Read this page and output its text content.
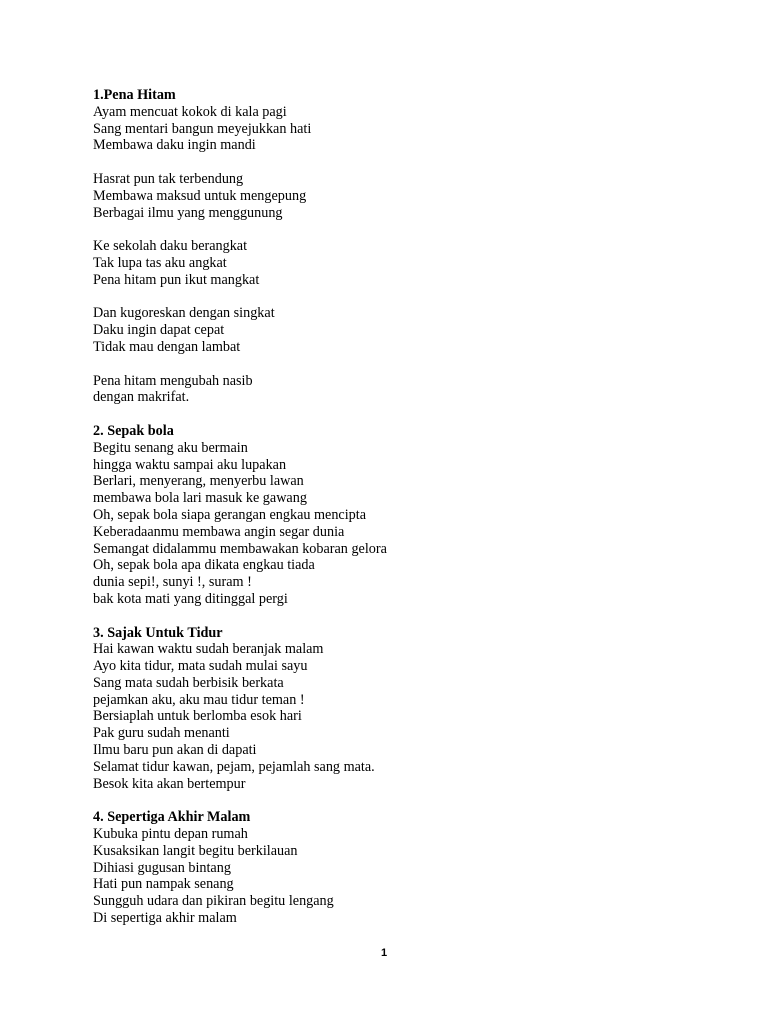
1.Pena Hitam

Ayam mencuat kokok di kala pagi

Sang mentari bangun meyejukkan hati

Membawa daku ingin mandi

Hasrat pun tak terbendung

Membawa maksud untuk mengepung

Berbagai ilmu yang menggunung

Ke sekolah daku berangkat

Tak lupa tas aku angkat

Pena hitam pun ikut mangkat

Dan kugoreskan dengan singkat

Daku ingin dapat cepat

Tidak mau dengan lambat

Pena hitam mengubah nasib

dengan makrifat.

2. Sepak bola

Begitu senang aku bermain

hingga waktu sampai aku lupakan

Berlari, menyerang, menyerbu lawan

membawa bola lari masuk ke gawang

Oh, sepak bola siapa gerangan engkau mencipta

Keberadaanmu membawa angin segar dunia

Semangat didalammu membawakan kobaran gelora

Oh, sepak bola apa dikata engkau tiada

dunia sepi!, sunyi !, suram !

bak kota mati yang ditinggal pergi

3. Sajak Untuk Tidur

Hai kawan waktu sudah beranjak malam

Ayo kita tidur, mata sudah mulai sayu

Sang mata sudah berbisik berkata

pejamkan aku, aku mau tidur teman !

Bersiaplah untuk berlomba esok hari

Pak guru sudah menanti

Ilmu baru pun akan di dapati

Selamat tidur kawan, pejam, pejamlah sang mata.

Besok kita akan bertempur

4. Sepertiga Akhir Malam

Kubuka pintu depan rumah

Kusaksikan langit begitu berkilauan

Dihiasi gugusan bintang

Hati pun nampak senang

Sungguh udara dan pikiran begitu lengang

Di sepertiga akhir malam

1
